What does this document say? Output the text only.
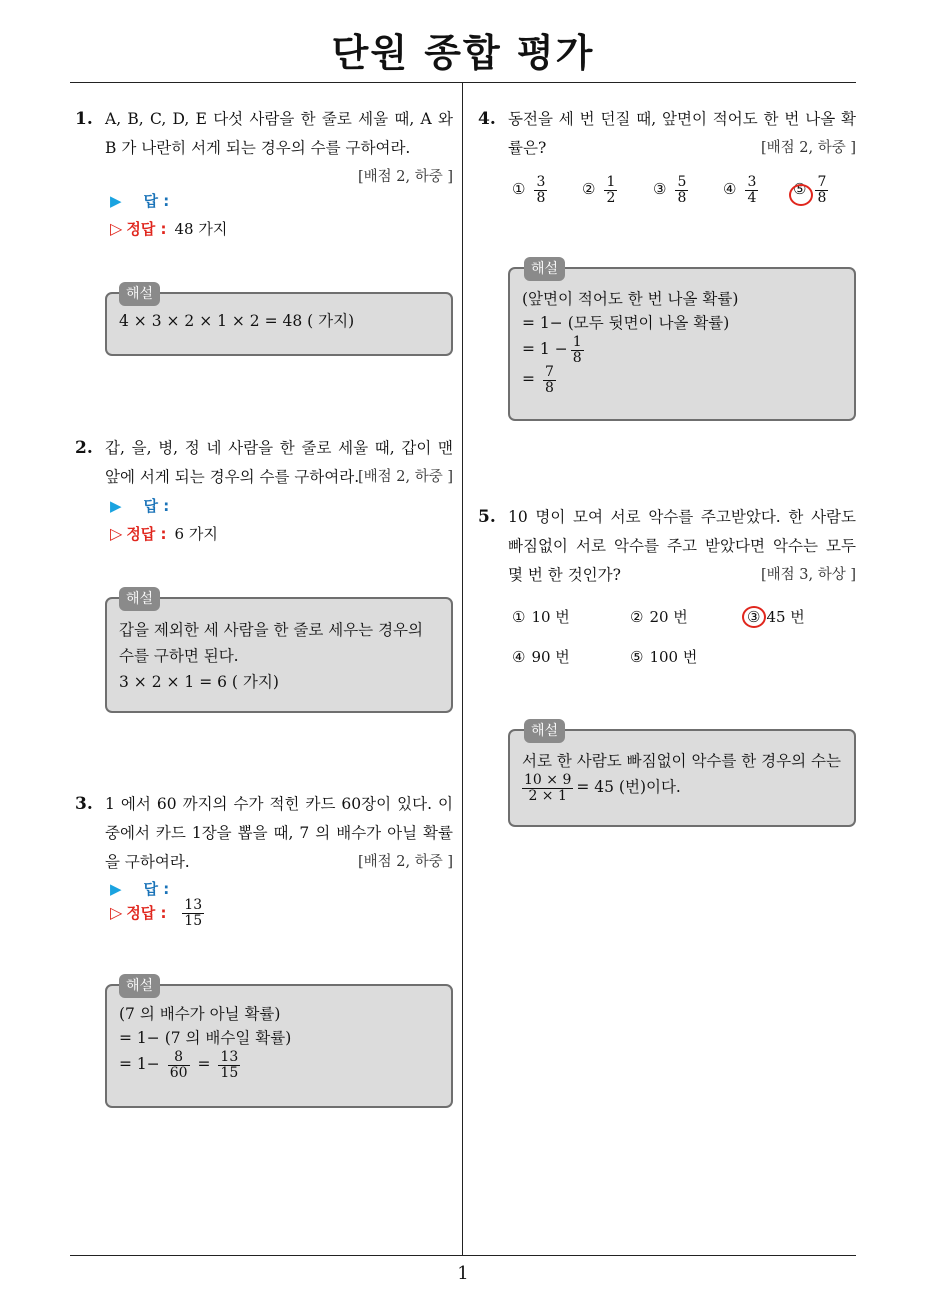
단원 종합 평가
1
1. A, B, C, D, E 다섯 사람을 한 줄로 세울 때, A 와 B 가 나란히 서게 되는 경우의 수를 구하여라.
[배점 2, 하중 ]
▶ 답 :
▷ 정답 : 48 가지
4 × 3 × 2 × 1 × 2 = 48 ( 가지)
해설
2. 갑, 을, 병, 정 네 사람을 한 줄로 세울 때, 갑이 맨 앞에 서게 되는 경우의 수를 구하여라.
[배점 2, 하중 ]
▶ 답 :
▷ 정답 : 6 가지
갑을 제외한 세 사람을 한 줄로 세우는 경우의 수를 구하면 된다.
3 × 2 × 1 = 6 ( 가지)
해설
3. 1 에서 60 까지의 수가 적힌 카드 60장이 있다. 이 중에서 카드 1장을 뽑을 때, 7 의 배수가 아닐 확률을 구하여라.	[배점 2, 하중 ]
▶ 답 :
▷ 정답 : $\frac{13}{15}$
(7 의 배수가 아닐 확률)
= 1− (7 의 배수일 확률)
= $1- \frac{8}{60} = \frac{13}{15}$
해설
4. 동전을 세 번 던질 때, 앞면이 적어도 한 번 나올 확률은?	[배점 2, 하중 ]
① $\frac{3}{8}$ ② $\frac{1}{2}$ ③ $\frac{5}{8}$ ④ $\frac{3}{4}$ ⑤ $\frac{7}{8}$
(앞면이 적어도 한 번 나올 확률)
= 1− (모두 뒷면이 나올 확률)
= $1 - \frac{1}{8}$
= $\frac{7}{8}$
해설
5. 10 명이 모여 서로 악수를 주고받았다. 한 사람도 빠짐없이 서로 악수를 주고 받았다면 악수는 모두 몇 번 한 것인가?	[배점 3, 하상 ]
① 10 번	② 20 번	③ 45 번
④ 90 번	⑤ 100 번
서로 한 사람도 빠짐없이 악수를 한 경우의 수는
$\frac{10 \times 9}{2 \times 1} = 45$ (번)이다.
해설
